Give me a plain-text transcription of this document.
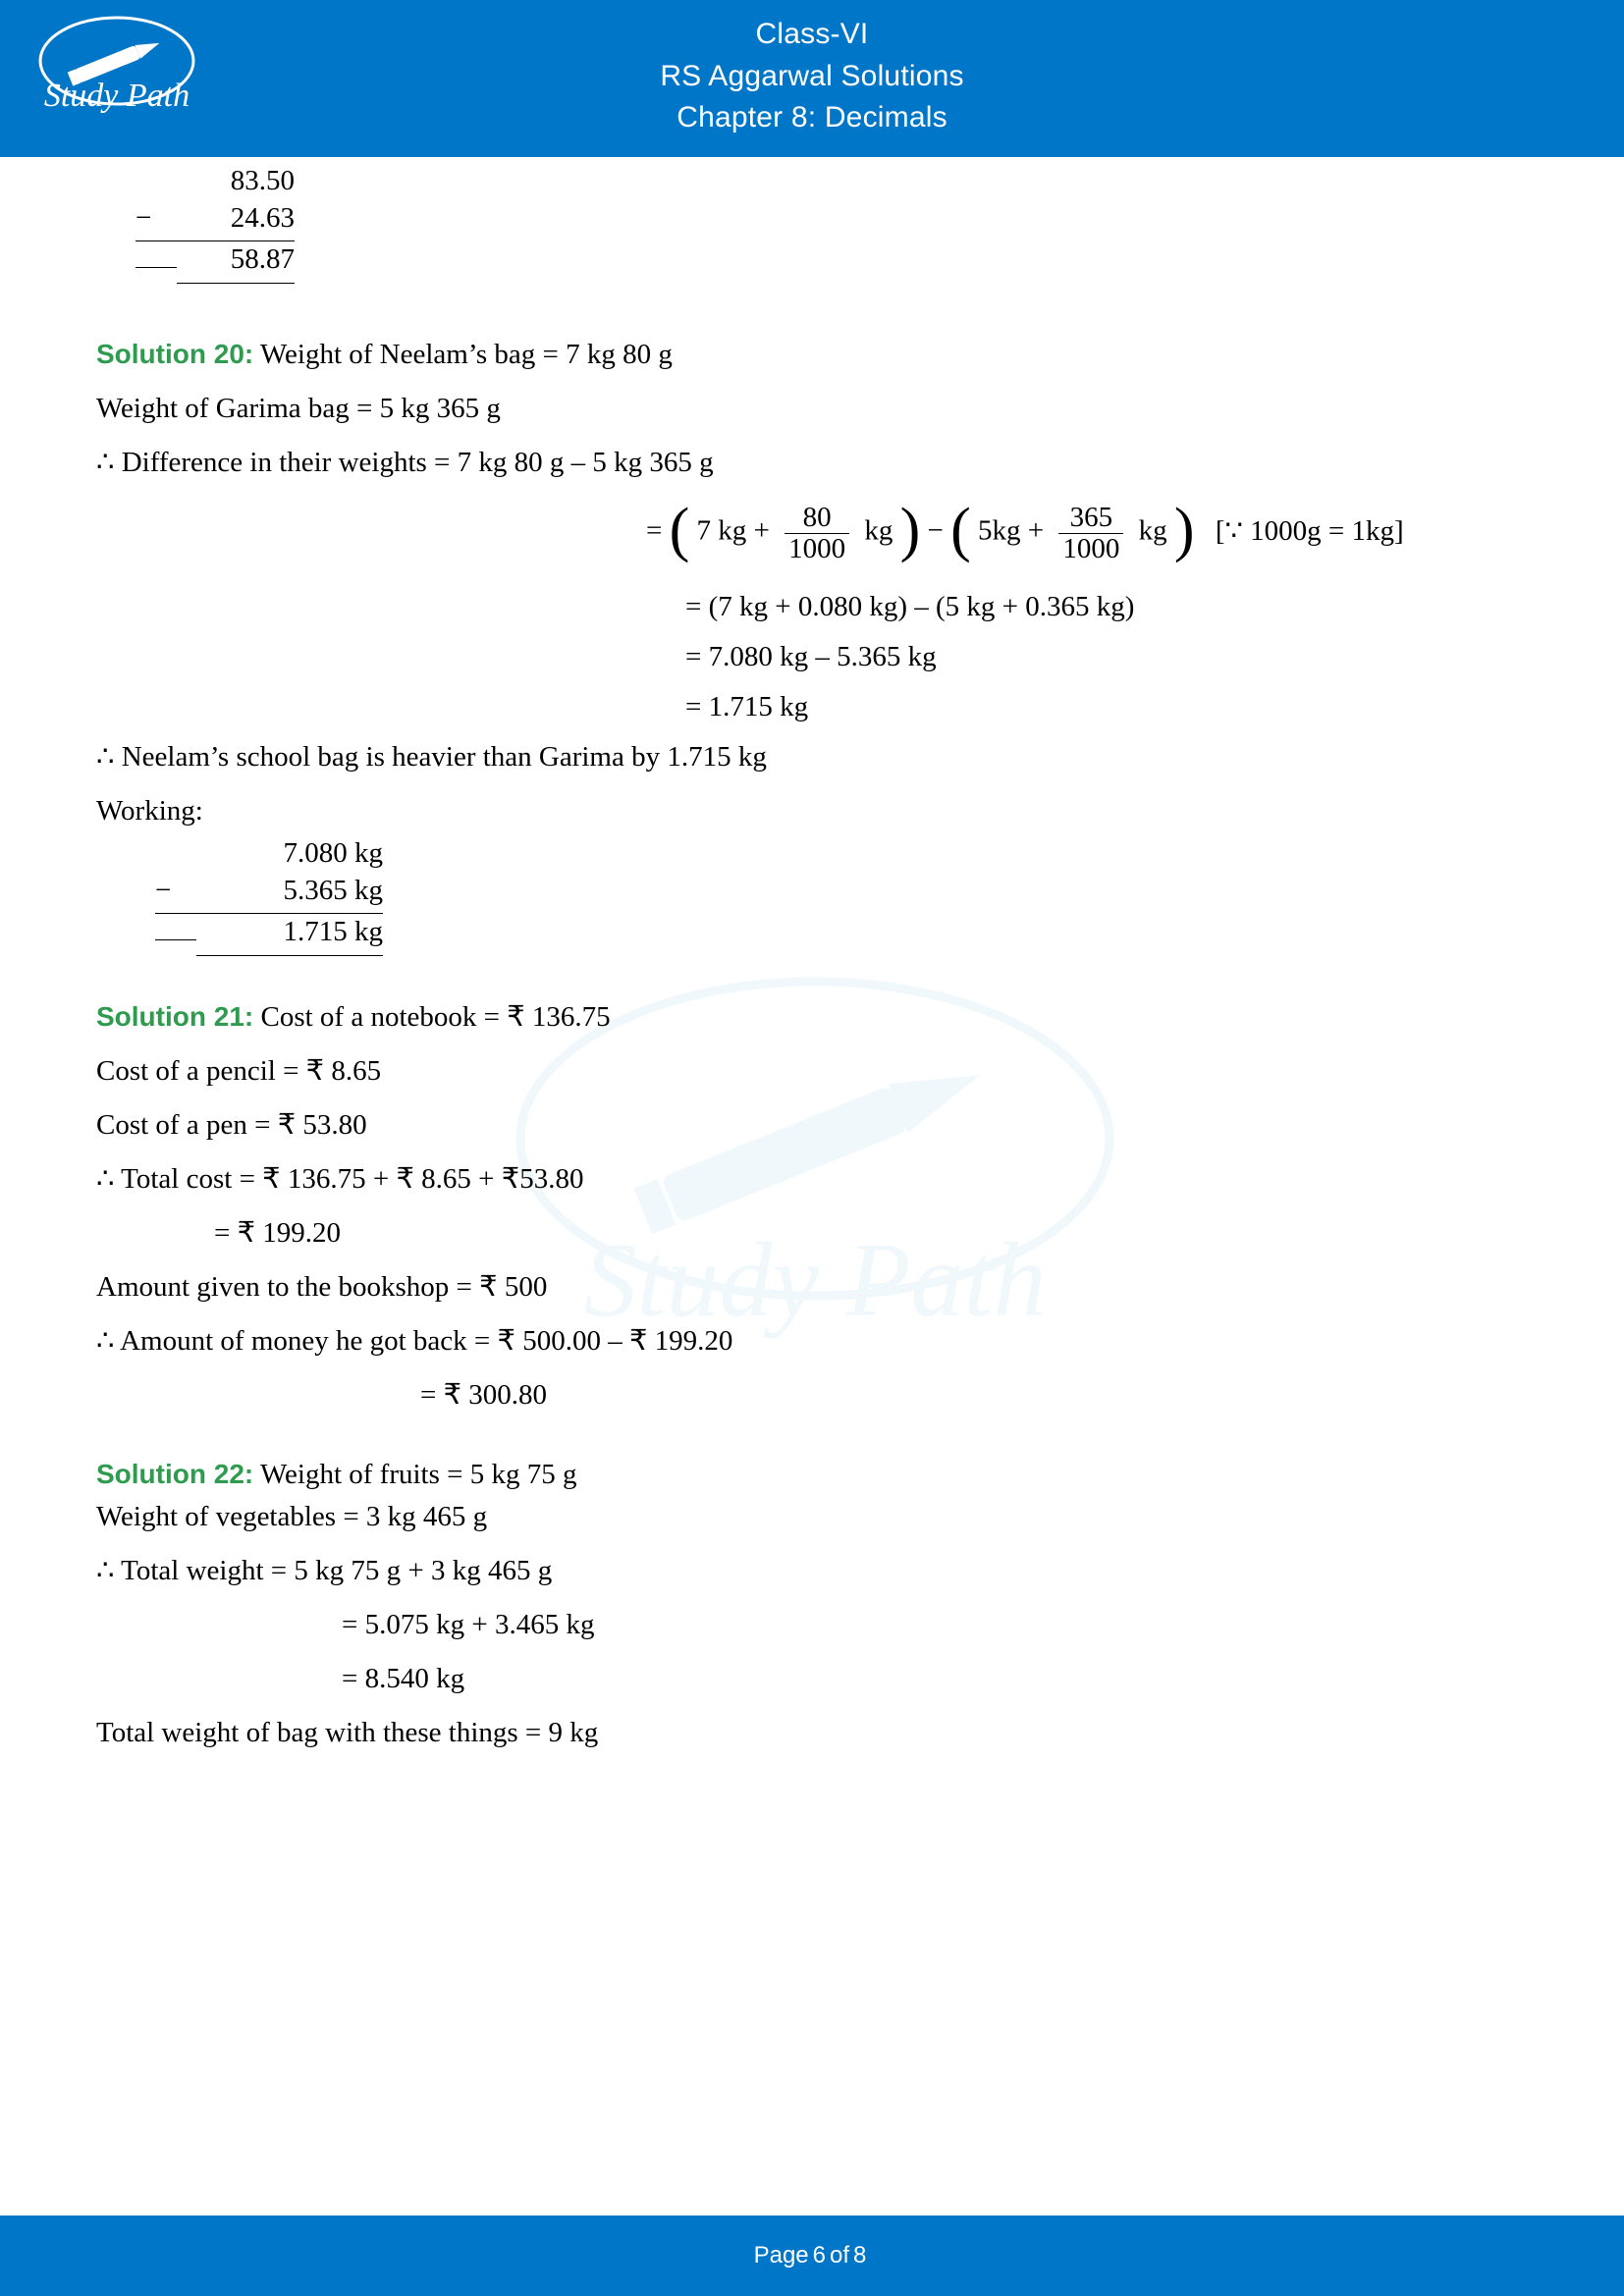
Study Path
Class-VI
RS Aggarwal Solutions
Chapter 8: Decimals
Study Path
83.50
−	24.63
58.87
Solution 20: Weight of Neelam’s bag = 7 kg 80 g
Weight of Garima bag = 5 kg 365 g
∴ Difference in their weights = 7 kg 80 g – 5 kg 365 g
= ( 7 kg + $\frac{80}{1000}$ kg ) − ( $5kg + \frac{365}{1000}$ kg ) [∵ 1000g = 1kg]
= (7 kg + 0.080 kg) – (5 kg + 0.365 kg)
= 7.080 kg – 5.365 kg
= 1.715 kg
∴ Neelam’s school bag is heavier than Garima by 1.715 kg
Working:
7.080 kg
−	5.365 kg
1.715 kg
Solution 21: Cost of a notebook = ₹ 136.75
Cost of a pencil = ₹ 8.65
Cost of a pen = ₹ 53.80
∴ Total cost = ₹ 136.75 + ₹ 8.65 + ₹53.80
= ₹ 199.20
Amount given to the bookshop = ₹ 500
∴ Amount of money he got back = ₹ 500.00 – ₹ 199.20
= ₹ 300.80
Solution 22: Weight of fruits = 5 kg 75 g
Weight of vegetables = 3 kg 465 g
∴ Total weight = 5 kg 75 g + 3 kg 465 g
= 5.075 kg + 3.465 kg
= 8.540 kg
Total weight of bag with these things = 9 kg
Page 6 of 8
